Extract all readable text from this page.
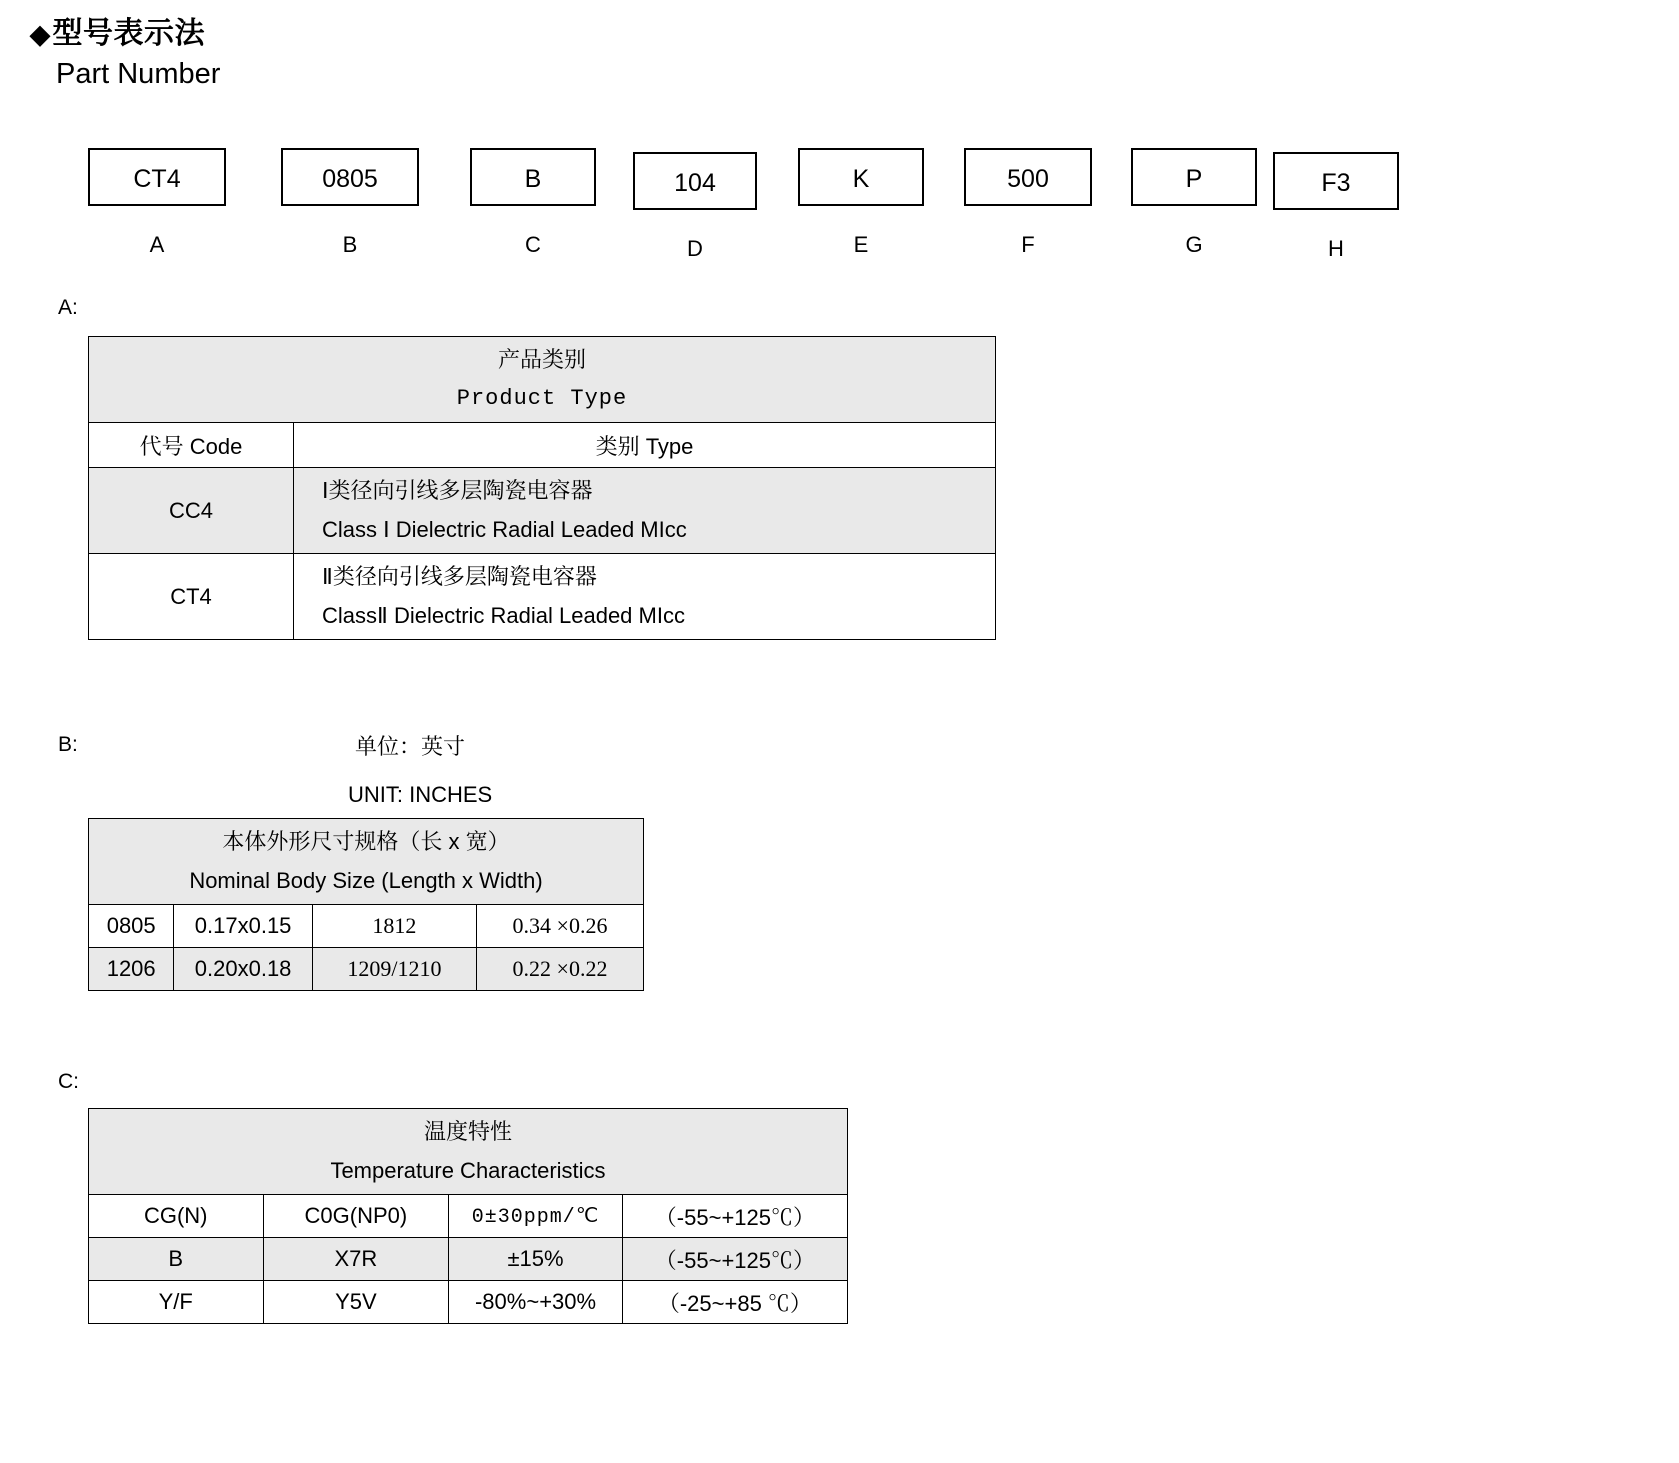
◆型号表示法
Part Number
CT4
A
0805
B
B
C
104
D
K
E
500
F
P
G
F3
H
A:
产品类别
Product Type	

代号 Code	类别 Type
CC4	Ⅰ类径向引线多层陶瓷电容器
Class Ⅰ Dielectric Radial Leaded MIcc

CT4	Ⅱ类径向引线多层陶瓷电容器
ClassⅡ Dielectric Radial Leaded MIcc
B:	单位：英寸
UNIT: INCHES
本体外形尺寸规格（长 x 宽）
Nominal Body Size (Length x Width)			

0805	0.17x0.15	1812	0.34 ×0.26
1206	0.20x0.18	1209/1210	0.22 ×0.22
C:
温度特性
Temperature Characteristics			

CG(N)	C0G(NP0)	0±30ppm/℃	（-55~+125℃）
B	X7R	±15%	（-55~+125℃）
Y/F	Y5V	-80%~+30%	（-25~+85 ℃）
